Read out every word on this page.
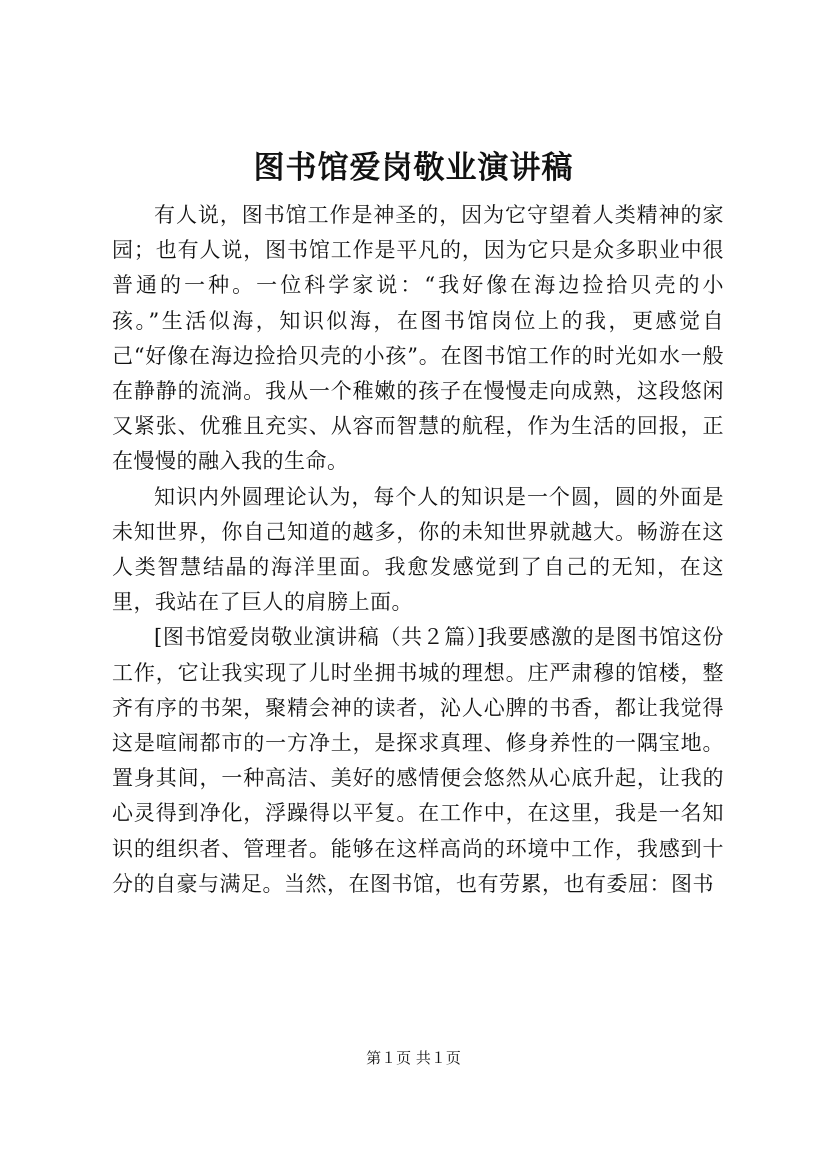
图书馆爱岗敬业演讲稿

有人说，图书馆工作是神圣的，因为它守望着人类精神的家园；也有人说，图书馆工作是平凡的，因为它只是众多职业中很普通的一种。一位科学家说：“我好像在海边捡拾贝壳的小孩。”生活似海，知识似海，在图书馆岗位上的我，更感觉自己“好像在海边捡拾贝壳的小孩”。在图书馆工作的时光如水一般在静静的流淌。我从一个稚嫩的孩子在慢慢走向成熟，这段悠闲又紧张、优雅且充实、从容而智慧的航程，作为生活的回报，正在慢慢的融入我的生命。

知识内外圆理论认为，每个人的知识是一个圆，圆的外面是未知世界，你自己知道的越多，你的未知世界就越大。畅游在这人类智慧结晶的海洋里面。我愈发感觉到了自己的无知，在这里，我站在了巨人的肩膀上面。

[图书馆爱岗敬业演讲稿（共２篇）]我要感激的是图书馆这份工作，它让我实现了儿时坐拥书城的理想。庄严肃穆的馆楼，整齐有序的书架，聚精会神的读者，沁人心脾的书香，都让我觉得这是喧闹都市的一方净土，是探求真理、修身养性的一隅宝地。置身其间，一种高洁、美好的感情便会悠然从心底升起，让我的心灵得到净化，浮躁得以平复。在工作中，在这里，我是一名知识的组织者、管理者。能够在这样高尚的环境中工作，我感到十分的自豪与满足。当然，在图书馆，也有劳累，也有委屈：图书

第１页 共１页
